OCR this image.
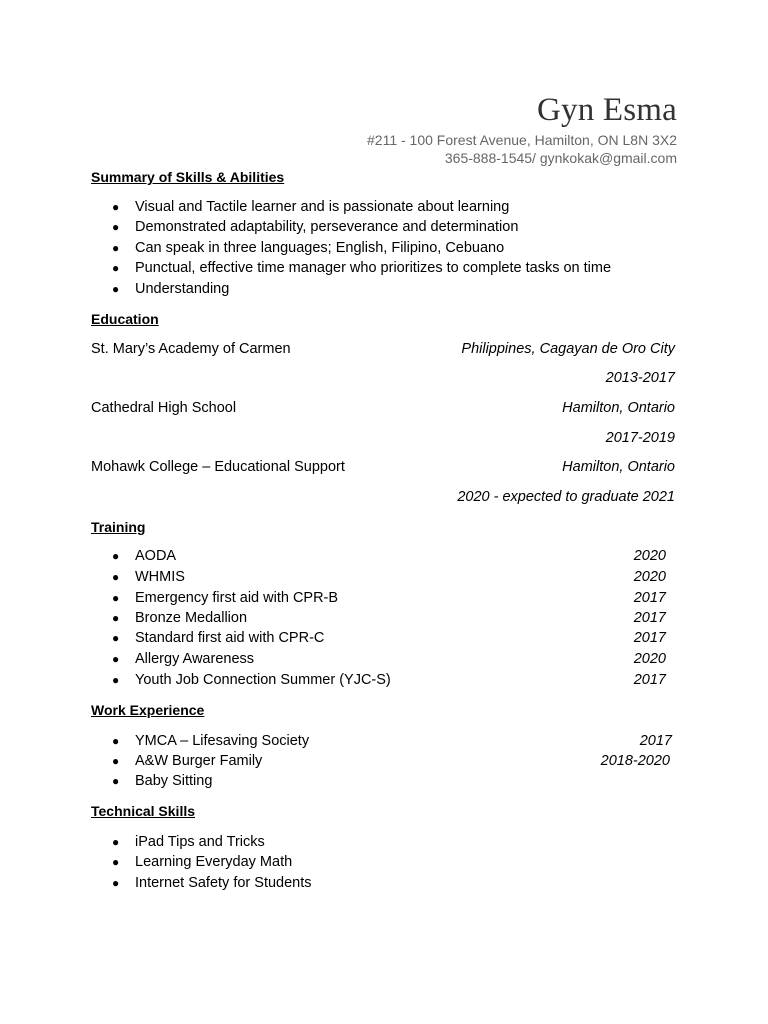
Gyn Esma
#211 - 100 Forest Avenue, Hamilton, ON L8N 3X2
365-888-1545/ gynkokak@gmail.com
Summary of Skills & Abilities
● Visual and Tactile learner and is passionate about learning
● Demonstrated adaptability, perseverance and determination
● Can speak in three languages; English, Filipino, Cebuano
● Punctual, effective time manager who prioritizes to complete tasks on time
● Understanding
Education
St. Mary’s Academy of Carmen	Philippines, Cagayan de Oro City
2013-2017
Cathedral High School	Hamilton, Ontario
2017-2019
Mohawk College – Educational Support	Hamilton, Ontario
2020 - expected to graduate 2021
Training
● AODA	2020
● WHMIS	2020
● Emergency first aid with CPR-B	2017
● Bronze Medallion	2017
● Standard first aid with CPR-C	2017
● Allergy Awareness	2020
● Youth Job Connection Summer (YJC-S)	2017
Work Experience
● YMCA – Lifesaving Society	2017
● A&W Burger Family	2018-2020
● Baby Sitting
Technical Skills
● iPad Tips and Tricks
● Learning Everyday Math
● Internet Safety for Students
